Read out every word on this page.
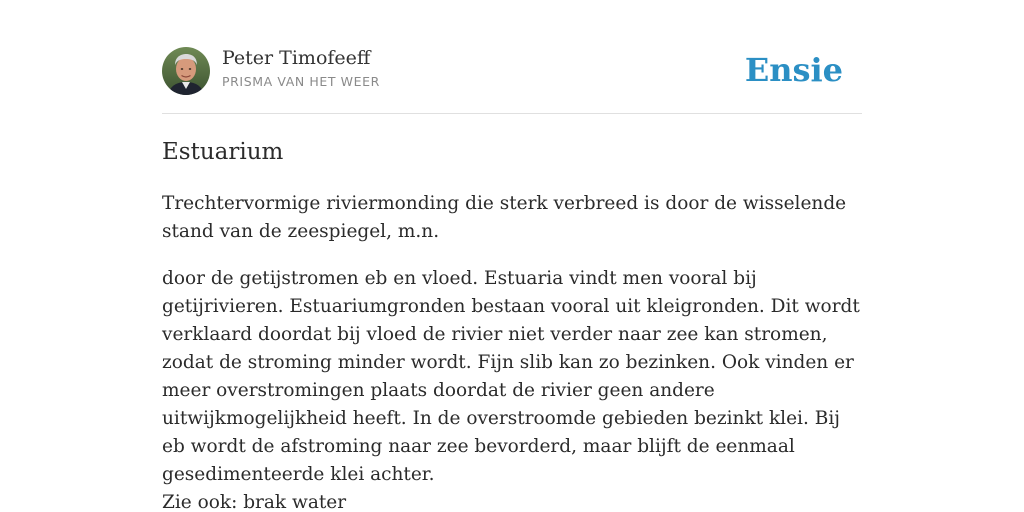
Peter Timofeeff
PRISMA VAN HET WEER	Ensie
Estuarium

Trechtervormige riviermonding die sterk verbreed is door de wisselende stand van de zeespiegel, m.n.

door de getijstromen eb en vloed. Estuaria vindt men vooral bij getijrivieren. Estuariumgronden bestaan vooral uit kleigronden. Dit wordt verklaard doordat bij vloed de rivier niet verder naar zee kan stromen, zodat de stroming minder wordt. Fijn slib kan zo bezinken. Ook vinden er meer overstromingen plaats doordat de rivier geen andere uitwijkmogelijkheid heeft. In de overstroomde gebieden bezinkt klei. Bij eb wordt de afstroming naar zee bevorderd, maar blijft de eenmaal gesedimenteerde klei achter.

Zie ook: brak water
